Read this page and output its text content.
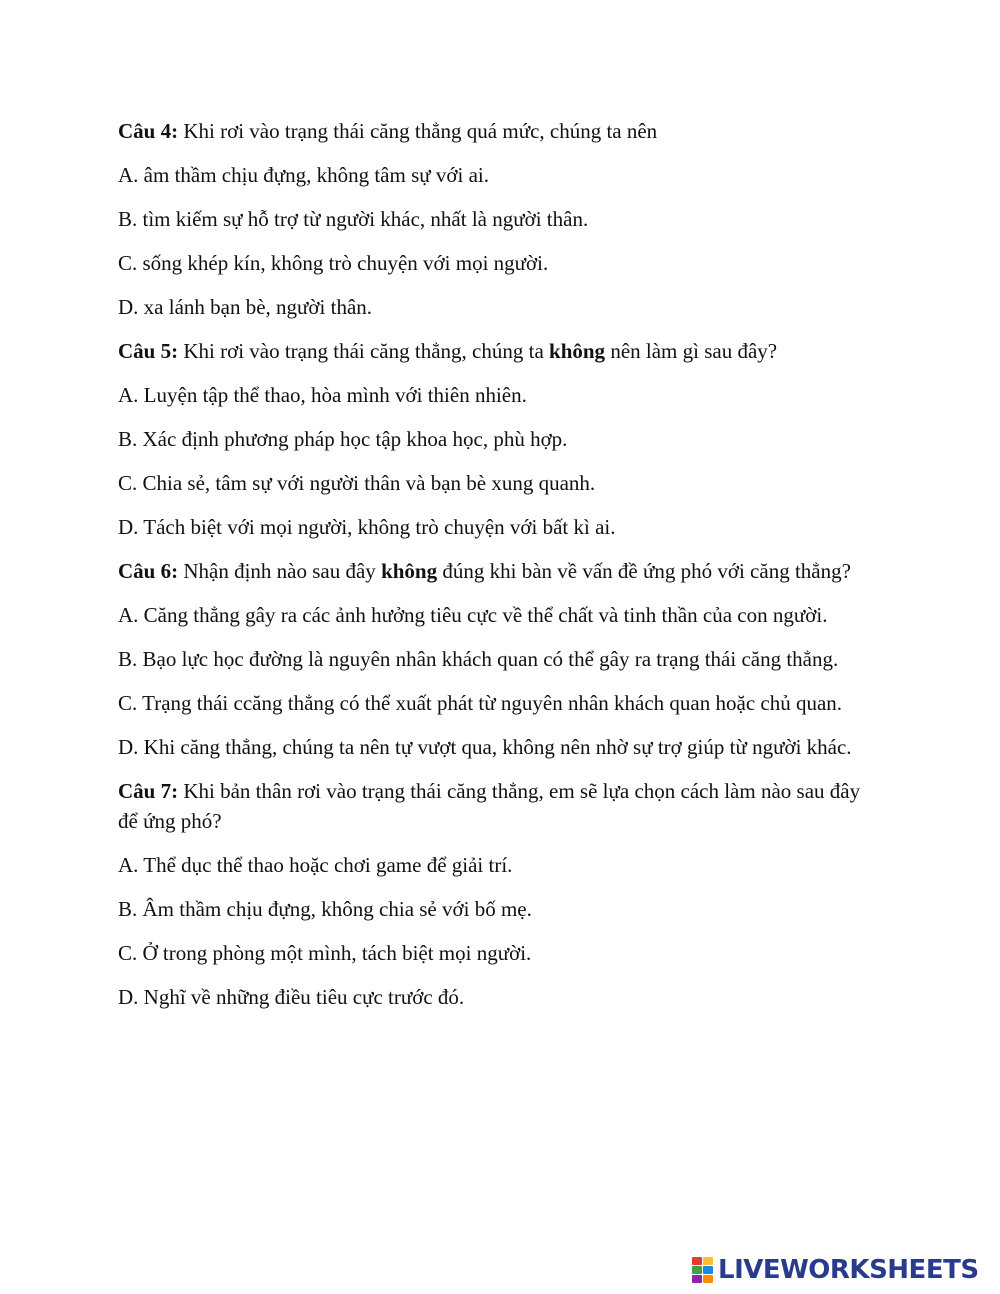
Câu 4: Khi rơi vào trạng thái căng thẳng quá mức, chúng ta nên

A. âm thầm chịu đựng, không tâm sự với ai.

B. tìm kiếm sự hỗ trợ từ người khác, nhất là người thân.

C. sống khép kín, không trò chuyện với mọi người.

D. xa lánh bạn bè, người thân.

Câu 5: Khi rơi vào trạng thái căng thẳng, chúng ta không nên làm gì sau đây?

A. Luyện tập thể thao, hòa mình với thiên nhiên.

B. Xác định phương pháp học tập khoa học, phù hợp.

C. Chia sẻ, tâm sự với người thân và bạn bè xung quanh.

D. Tách biệt với mọi người, không trò chuyện với bất kì ai.

Câu 6: Nhận định nào sau đây không đúng khi bàn về vấn đề ứng phó với căng thẳng?

A. Căng thẳng gây ra các ảnh hưởng tiêu cực về thể chất và tinh thần của con người.

B. Bạo lực học đường là nguyên nhân khách quan có thể gây ra trạng thái căng thẳng.

C. Trạng thái ccăng thẳng có thể xuất phát từ nguyên nhân khách quan hoặc chủ quan.

D. Khi căng thẳng, chúng ta nên tự vượt qua, không nên nhờ sự trợ giúp từ người khác.

Câu 7: Khi bản thân rơi vào trạng thái căng thẳng, em sẽ lựa chọn cách làm nào sau đây để ứng phó?

A. Thể dục thể thao hoặc chơi game để giải trí.

B. Âm thầm chịu đựng, không chia sẻ với bố mẹ.

C. Ở trong phòng một mình, tách biệt mọi người.

D. Nghĩ về những điều tiêu cực trước đó.

LIVEWORKSHEETS
